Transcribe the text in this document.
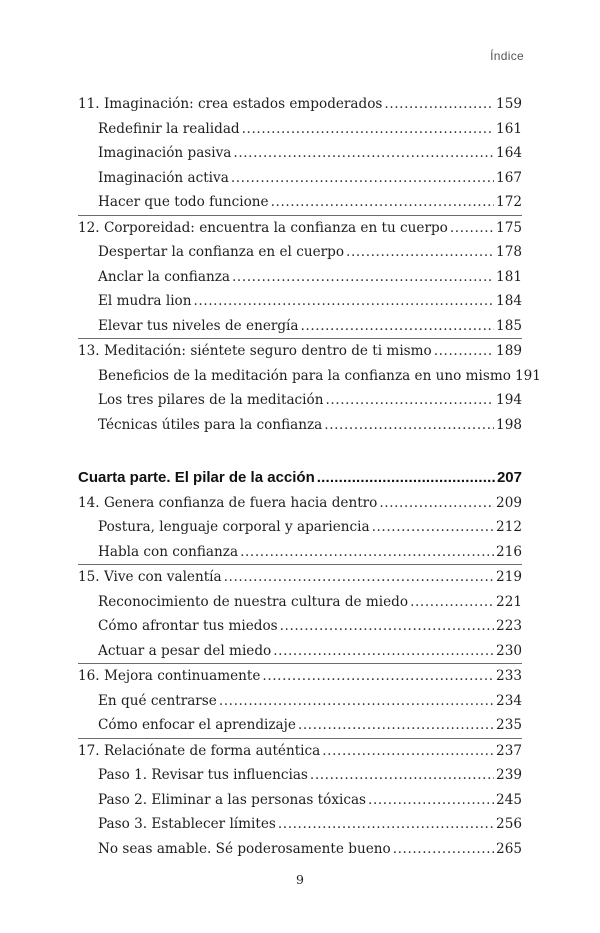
Índice
11. Imaginación: crea estados empoderados .....	159
Redefinir la realidad .....	161
Imaginación pasiva .....	164
Imaginación activa .....	167
Hacer que todo funcione .....	172
12. Corporeidad: encuentra la confianza en tu cuerpo .....	175
Despertar la confianza en el cuerpo .....	178
Anclar la confianza .....	181
El mudra lion .....	184
Elevar tus niveles de energía .....	185
13. Meditación: siéntete seguro dentro de ti mismo .....	189
Beneficios de la meditación para la confianza en uno mismo 191
Los tres pilares de la meditación .....	194
Técnicas útiles para la confianza .....	198
Cuarta parte. El pilar de la acción .....	207
14. Genera confianza de fuera hacia dentro .....	209
Postura, lenguaje corporal y apariencia .....	212
Habla con confianza .....	216
15. Vive con valentía .....	219
Reconocimiento de nuestra cultura de miedo .....	221
Cómo afrontar tus miedos .....	223
Actuar a pesar del miedo .....	230
16. Mejora continuamente .....	233
En qué centrarse .....	234
Cómo enfocar el aprendizaje .....	235
17. Relaciónate de forma auténtica .....	237
Paso 1. Revisar tus influencias .....	239
Paso 2. Eliminar a las personas tóxicas .....	245
Paso 3. Establecer límites .....	256
No seas amable. Sé poderosamente bueno .....	265
9
